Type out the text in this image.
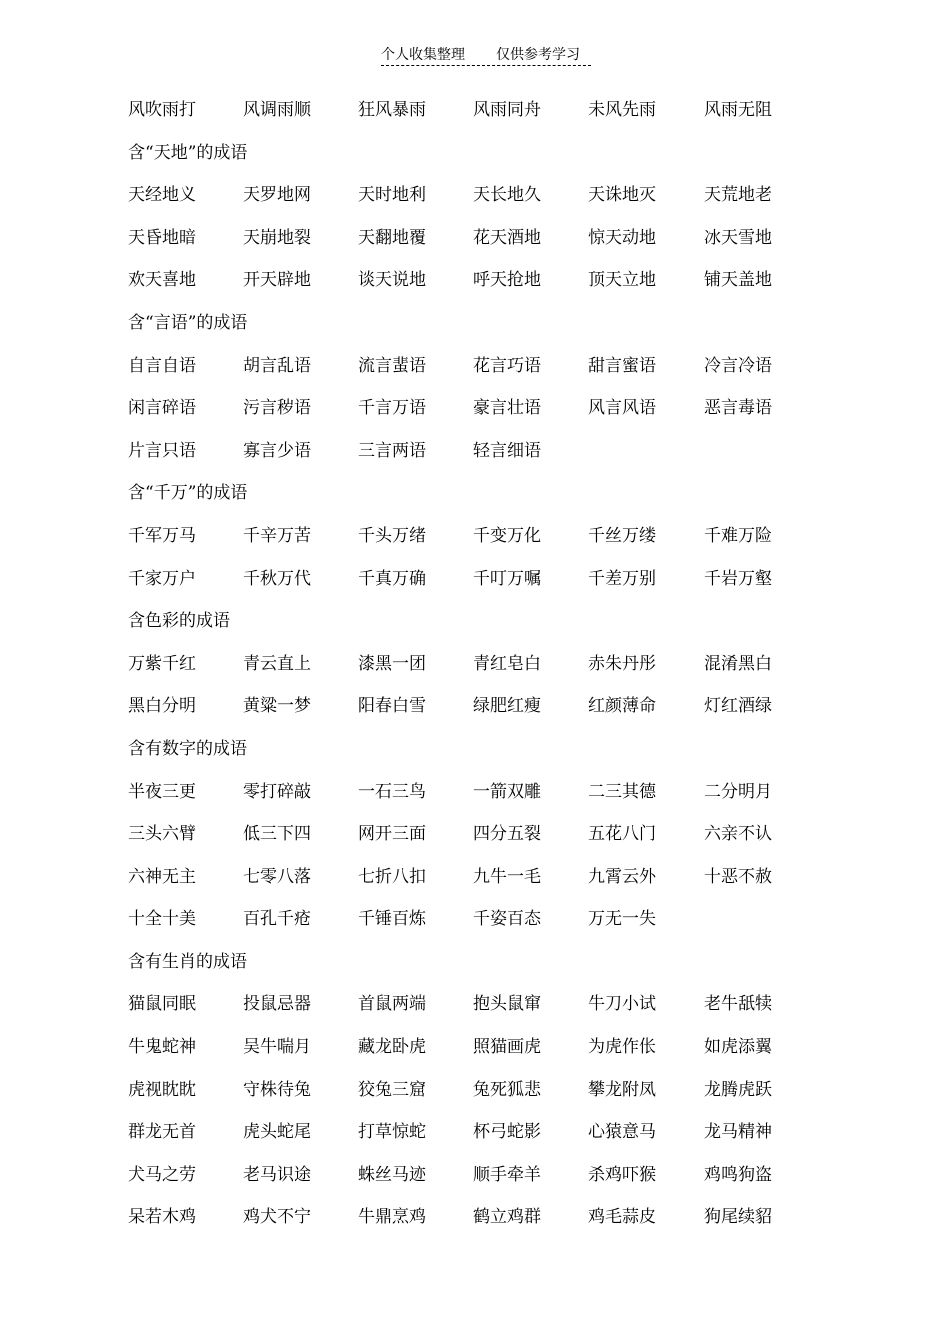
个人收集整理 仅供参考学习
风吹雨打	风调雨顺	狂风暴雨	风雨同舟	未风先雨	风雨无阻
含“天地”的成语
天经地义	天罗地网	天时地利	天长地久	天诛地灭	天荒地老
天昏地暗	天崩地裂	天翻地覆	花天酒地	惊天动地	冰天雪地
欢天喜地	开天辟地	谈天说地	呼天抢地	顶天立地	铺天盖地
含“言语”的成语
自言自语	胡言乱语	流言蜚语	花言巧语	甜言蜜语	冷言冷语
闲言碎语	污言秽语	千言万语	豪言壮语	风言风语	恶言毒语
片言只语	寡言少语	三言两语	轻言细语
含“千万”的成语
千军万马	千辛万苦	千头万绪	千变万化	千丝万缕	千难万险
千家万户	千秋万代	千真万确	千叮万嘱	千差万别	千岩万壑
含色彩的成语
万紫千红	青云直上	漆黑一团	青红皂白	赤朱丹彤	混淆黑白
黑白分明	黄粱一梦	阳春白雪	绿肥红瘦	红颜薄命	灯红酒绿
含有数字的成语
半夜三更	零打碎敲	一石三鸟	一箭双雕	二三其德	二分明月
三头六臂	低三下四	网开三面	四分五裂	五花八门	六亲不认
六神无主	七零八落	七折八扣	九牛一毛	九霄云外	十恶不赦
十全十美	百孔千疮	千锤百炼	千姿百态	万无一失
含有生肖的成语
猫鼠同眠	投鼠忌器	首鼠两端	抱头鼠窜	牛刀小试	老牛舐犊
牛鬼蛇神	吴牛喘月	藏龙卧虎	照猫画虎	为虎作伥	如虎添翼
虎视眈眈	守株待兔	狡兔三窟	兔死狐悲	攀龙附凤	龙腾虎跃
群龙无首	虎头蛇尾	打草惊蛇	杯弓蛇影	心猿意马	龙马精神
犬马之劳	老马识途	蛛丝马迹	顺手牵羊	杀鸡吓猴	鸡鸣狗盗
呆若木鸡	鸡犬不宁	牛鼎烹鸡	鹤立鸡群	鸡毛蒜皮	狗尾续貂
